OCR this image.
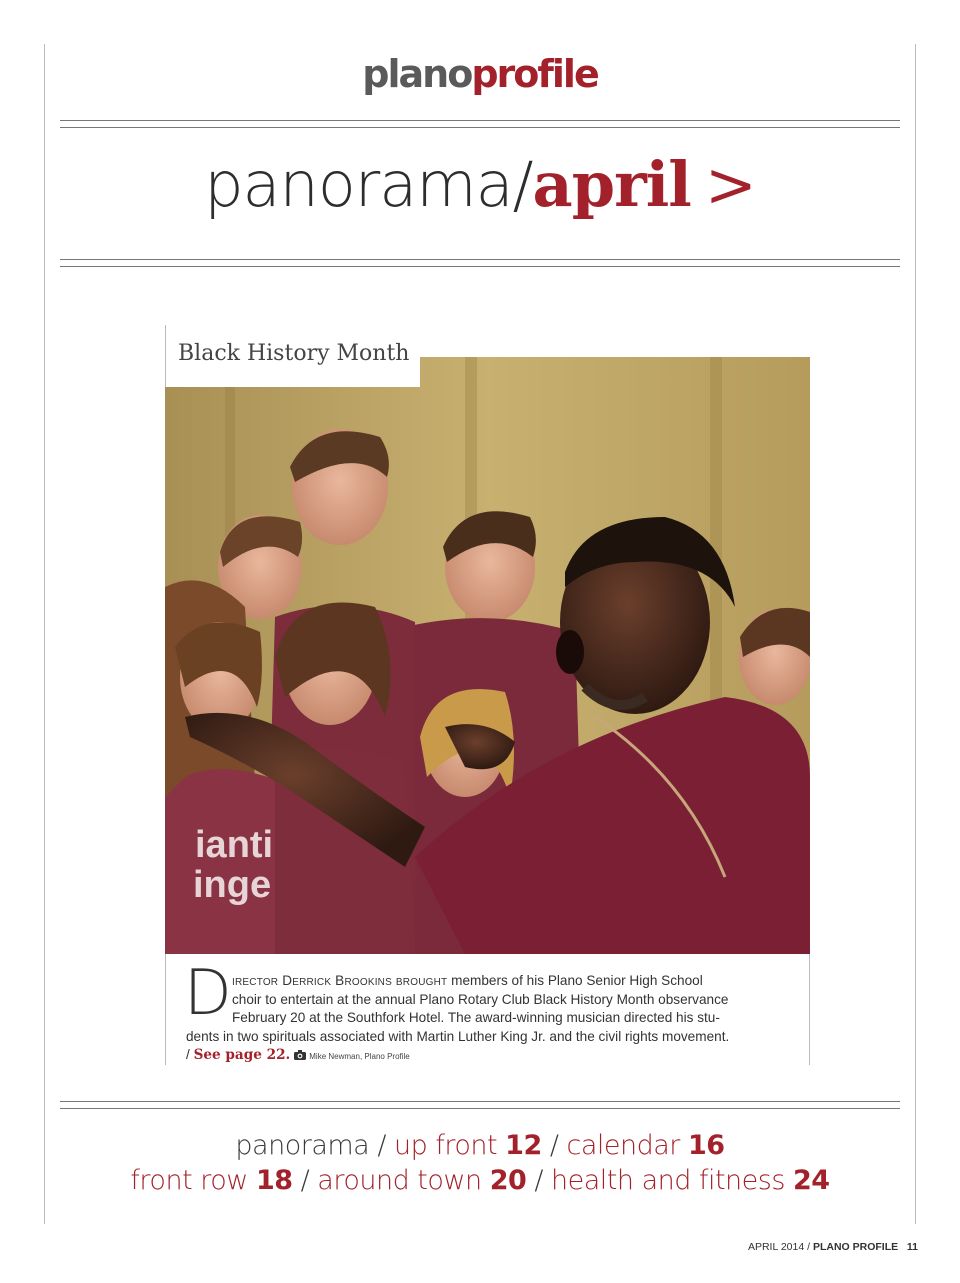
planoprofile
panorama/april >
Black History Month
ianti
inge
D irector Derrick Brookins brought members of his Plano Senior High School
choir to entertain at the annual Plano Rotary Club Black History Month observance
February 20 at the Southfork Hotel. The award-winning musician directed his stu-
dents in two spirituals associated with Martin Luther King Jr. and the civil rights movement.
/ See page 22. Mike Newman, Plano Profile
panorama / up front 12 / calendar 16
front row 18 / around town 20 / health and fitness 24
APRIL 2014 / PLANO PROFILE 11
